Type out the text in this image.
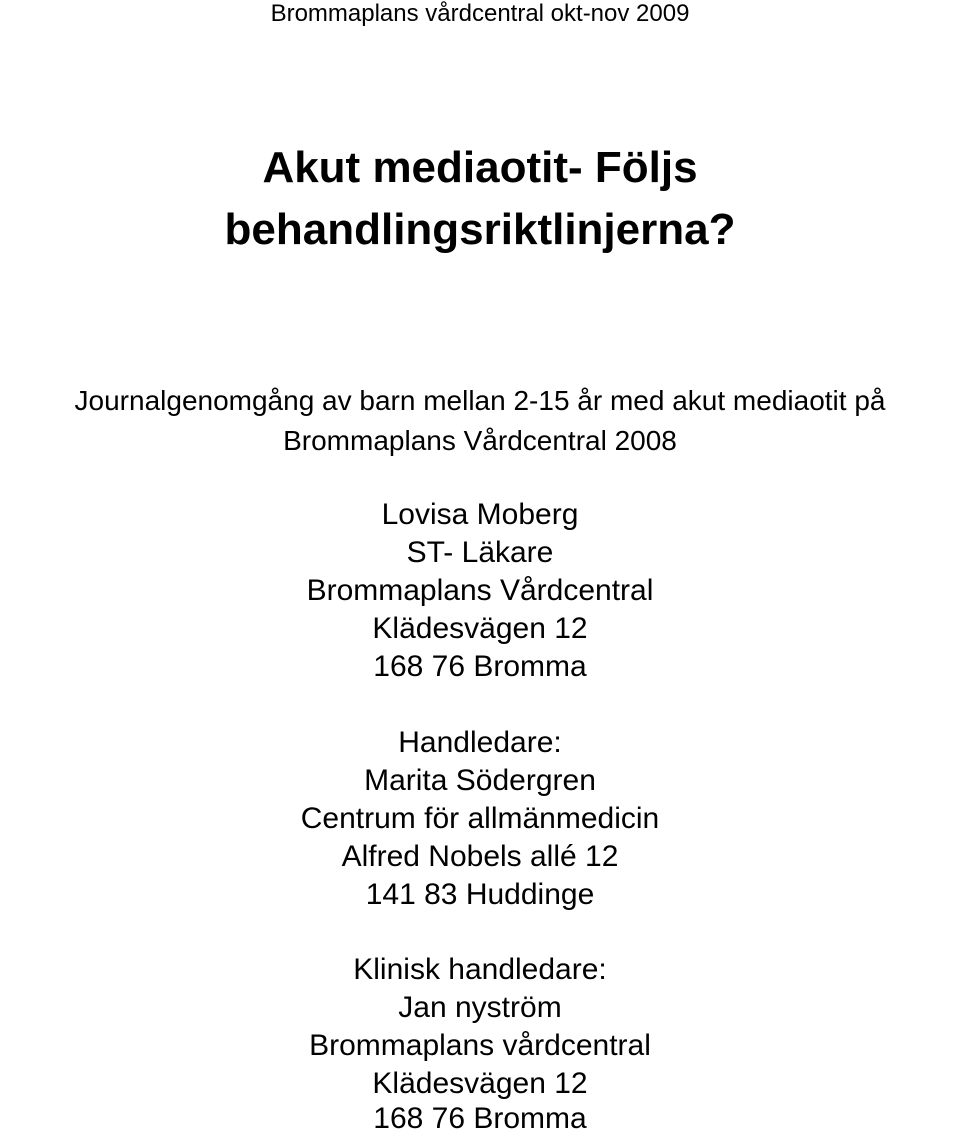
Brommaplans vårdcentral okt-nov 2009
Akut mediaotit- Följs
behandlingsriktlinjerna?
Journalgenomgång av barn mellan 2-15 år med akut mediaotit på
Brommaplans Vårdcentral 2008
Lovisa Moberg
ST- Läkare
Brommaplans Vårdcentral
Klädesvägen 12
168 76 Bromma
Handledare:
Marita Södergren
Centrum för allmänmedicin
Alfred Nobels allé 12
141 83 Huddinge
Klinisk handledare:
Jan nyström
Brommaplans vårdcentral
Klädesvägen 12
168 76 Bromma
